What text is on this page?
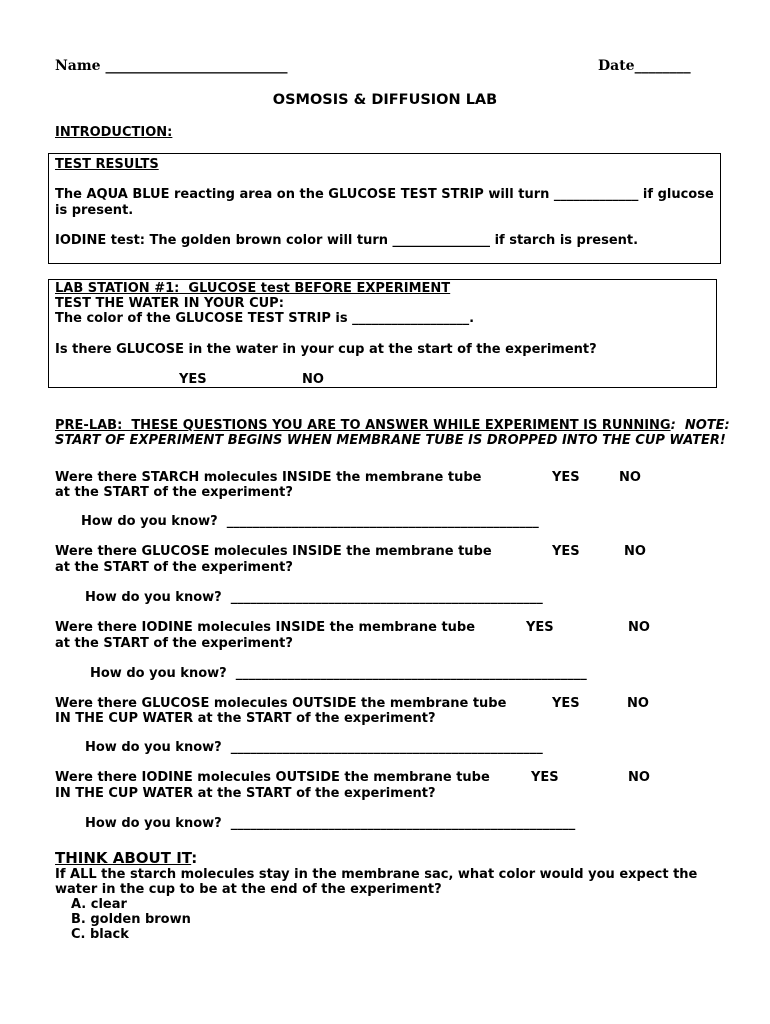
Name __________________________	Date________
OSMOSIS & DIFFUSION LAB
INTRODUCTION:
TEST RESULTS
The AQUA BLUE reacting area on the GLUCOSE TEST STRIP will turn _____________ if glucose
is present.
IODINE test: The golden brown color will turn _______________ if starch is present.
LAB STATION #1:  GLUCOSE test BEFORE EXPERIMENT
TEST THE WATER IN YOUR CUP:
The color of the GLUCOSE TEST STRIP is __________________.
Is there GLUCOSE in the water in your cup at the start of the experiment?
YES	NO
PRE-LAB:  THESE QUESTIONS YOU ARE TO ANSWER WHILE EXPERIMENT IS RUNNING:  NOTE:
START OF EXPERIMENT BEGINS WHEN MEMBRANE TUBE IS DROPPED INTO THE CUP WATER!
Were there STARCH molecules INSIDE the membrane tube
at the START of the experiment?
YES	NO
How do you know?  ________________________________________________
Were there GLUCOSE molecules INSIDE the membrane tube
at the START of the experiment?
YES	NO
How do you know?  ________________________________________________
Were there IODINE molecules INSIDE the membrane tube
at the START of the experiment?
YES	NO
How do you know?  ______________________________________________________
Were there GLUCOSE molecules OUTSIDE the membrane tube
IN THE CUP WATER at the START of the experiment?
YES	NO
How do you know?  ________________________________________________
Were there IODINE molecules OUTSIDE the membrane tube
IN THE CUP WATER at the START of the experiment?
YES	NO
How do you know?  _____________________________________________________
THINK ABOUT IT:
If ALL the starch molecules stay in the membrane sac, what color would you expect the
water in the cup to be at the end of the experiment?
A. clear
B. golden brown
C. black
